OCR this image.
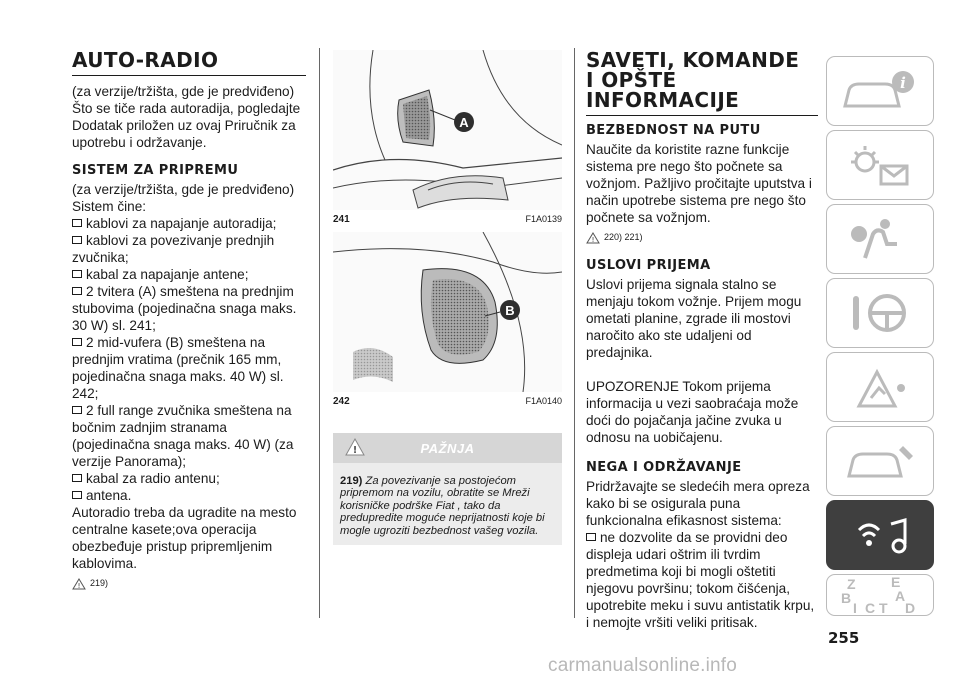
AUTO-RADIO

(za verzije/tržišta, gde je predviđeno) Što se tiče rada autoradija, pogledajte Dodatak priložen uz ovaj Priručnik za upotrebu i održavanje.

SISTEM ZA PRIPREMU

(za verzije/tržišta, gde je predviđeno)

Sistem čine:

kablovi za napajanje autoradija;
kablovi za povezivanje prednjih zvučnika;
kabal za napajanje antene;
2 tvitera (A) smeštena na prednjim stubovima (pojedinačna snaga maks. 30 W) sl. 241;
2 mid-vufera (B) smeštena na prednjim vratima (prečnik 165 mm, pojedinačna snaga maks. 40 W) sl. 242;
2 full range zvučnika smeštena na bočnim zadnjim stranama (pojedinačna snaga maks. 40 W) (za verzije Panorama);
kabal za radio antenu;
antena.

Autoradio treba da ugradite na mesto centralne kasete;ova operacija obezbeđuje pristup pripremljenim kablovima.

! 219)
A
241	F1A0139
B
242	F1A0140
!	PAŽNJA
219) Za povezivanje sa postojećom pripremom na vozilu, obratite se Mreži korisničke podrške Fiat , tako da predupredite moguće neprijatnosti koje bi mogle ugroziti bezbednost vašeg vozila.
SAVETI, KOMANDE
I OPŠTE
INFORMACIJE
BEZBEDNOST NA PUTU

Naučite da koristite razne funkcije sistema pre nego što počnete sa vožnjom. Pažljivo pročitajte uputstva i način upotrebe sistema pre nego što počnete sa vožnjom.

! 220) 221)
USLOVI PRIJEMA

Uslovi prijema signala stalno se menjaju tokom vožnje. Prijem mogu ometati planine, zgrade ili mostovi naročito ako ste udaljeni od predajnika.

UPOZORENJE Tokom prijema informacija u vezi saobraćaja može doći do pojačanja jačine zvuka u odnosu na uobičajenu.

NEGA I ODRŽAVANJE

Pridržavajte se sledećih mera opreza kako bi se osigurala puna funkcionalna efikasnost sistema:

ne dozvolite da se providni deo displeja udari oštrim ili tvrdim predmetima koji bi mogli oštetiti njegovu površinu; tokom čišćenja, upotrebite meku i suvu antistatik krpu, i nemojte vršiti veliki pritisak.
i
Z	E
B	A
I C T D
255
carmanualsonline.info
